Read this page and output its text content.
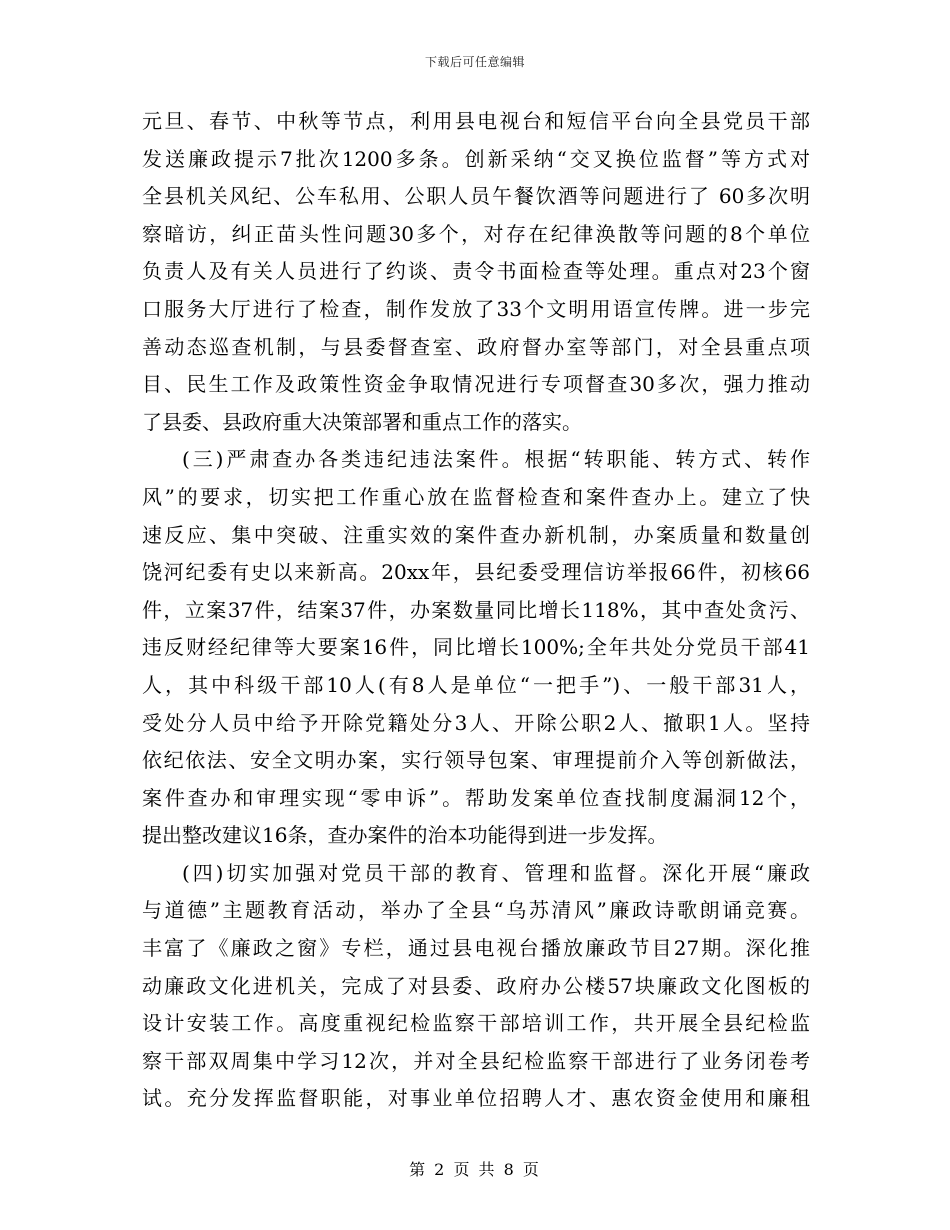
下载后可任意编辑
元旦、春节、中秋等节点，利用县电视台和短信平台向全县党员干部
发送廉政提示7批次1200多条。创新采纳“交叉换位监督”等方式对
全县机关风纪、公车私用、公职人员午餐饮酒等问题进行了 60多次明
察暗访，纠正苗头性问题30多个，对存在纪律涣散等问题的8个单位
负责人及有关人员进行了约谈、责令书面检查等处理。重点对23个窗
口服务大厅进行了检查，制作发放了33个文明用语宣传牌。进一步完
善动态巡查机制，与县委督查室、政府督办室等部门，对全县重点项
目、民生工作及政策性资金争取情况进行专项督查30多次，强力推动
了县委、县政府重大决策部署和重点工作的落实。
(三)严肃查办各类违纪违法案件。根据“转职能、转方式、转作
风”的要求，切实把工作重心放在监督检查和案件查办上。建立了快
速反应、集中突破、注重实效的案件查办新机制，办案质量和数量创
饶河纪委有史以来新高。20xx年，县纪委受理信访举报66件，初核66
件，立案37件，结案37件，办案数量同比增长118%，其中查处贪污、
违反财经纪律等大要案16件，同比增长100%;全年共处分党员干部41
人，其中科级干部10人(有8人是单位“一把手”)、一般干部31人，
受处分人员中给予开除党籍处分3人、开除公职2人、撤职1人。坚持
依纪依法、安全文明办案，实行领导包案、审理提前介入等创新做法，
案件查办和审理实现“零申诉”。帮助发案单位查找制度漏洞12个，
提出整改建议16条，查办案件的治本功能得到进一步发挥。
(四)切实加强对党员干部的教育、管理和监督。深化开展“廉政
与道德”主题教育活动，举办了全县“乌苏清风”廉政诗歌朗诵竞赛。
丰富了《廉政之窗》专栏，通过县电视台播放廉政节目27期。深化推
动廉政文化进机关，完成了对县委、政府办公楼57块廉政文化图板的
设计安装工作。高度重视纪检监察干部培训工作，共开展全县纪检监
察干部双周集中学习12次，并对全县纪检监察干部进行了业务闭卷考
试。充分发挥监督职能，对事业单位招聘人才、惠农资金使用和廉租
第 2 页 共 8 页
